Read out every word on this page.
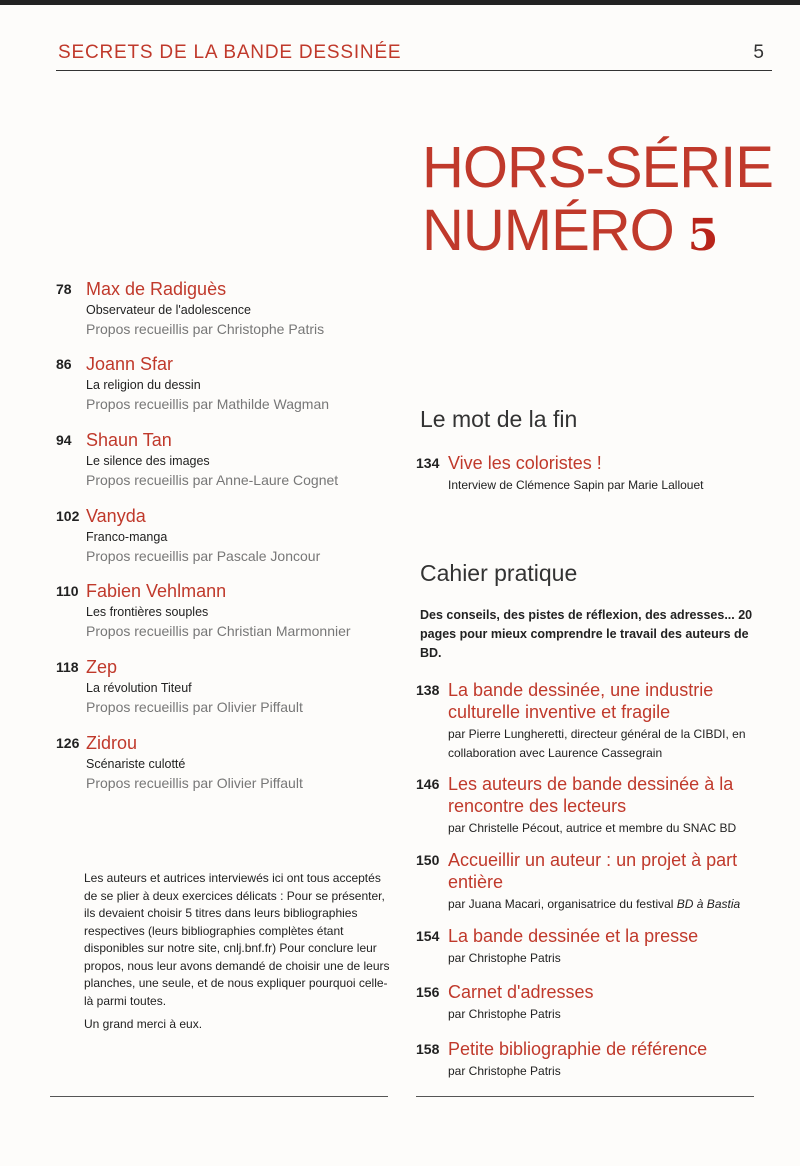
SECRETS DE LA BANDE DESSINÉE	5
HORS-SÉRIE
NUMÉRO 5
78 Max de Radiguès
Observateur de l'adolescence
Propos recueillis par Christophe Patris
86 Joann Sfar
La religion du dessin
Propos recueillis par Mathilde Wagman
94 Shaun Tan
Le silence des images
Propos recueillis par Anne-Laure Cognet
102 Vanyda
Franco-manga
Propos recueillis par Pascale Joncour
110 Fabien Vehlmann
Les frontières souples
Propos recueillis par Christian Marmonnier
118 Zep
La révolution Titeuf
Propos recueillis par Olivier Piffault
126 Zidrou
Scénariste culotté
Propos recueillis par Olivier Piffault

Les auteurs et autrices interviewés ici ont tous acceptés de se plier à deux exercices délicats : Pour se présenter, ils devaient choisir 5 titres dans leurs bibliographies respectives (leurs bibliographies complètes étant disponibles sur notre site, cnlj.bnf.fr) Pour conclure leur propos, nous leur avons demandé de choisir une de leurs planches, une seule, et de nous expliquer pourquoi celle-là parmi toutes.

Un grand merci à eux.

Le mot de la fin
134 Vive les coloristes !
Interview de Clémence Sapin par Marie Lallouet
Cahier pratique
Des conseils, des pistes de réflexion, des adresses... 20 pages pour mieux comprendre le travail des auteurs de BD.
138 La bande dessinée, une industrie culturelle inventive et fragile
par Pierre Lungheretti, directeur général de la CIBDI, en collaboration avec Laurence Cassegrain
146 Les auteurs de bande dessinée à la rencontre des lecteurs
par Christelle Pécout, autrice et membre du SNAC BD
150 Accueillir un auteur : un projet à part entière
par Juana Macari, organisatrice du festival BD à Bastia
154 La bande dessinée et la presse
par Christophe Patris
156 Carnet d'adresses
par Christophe Patris
158 Petite bibliographie de référence
par Christophe Patris
